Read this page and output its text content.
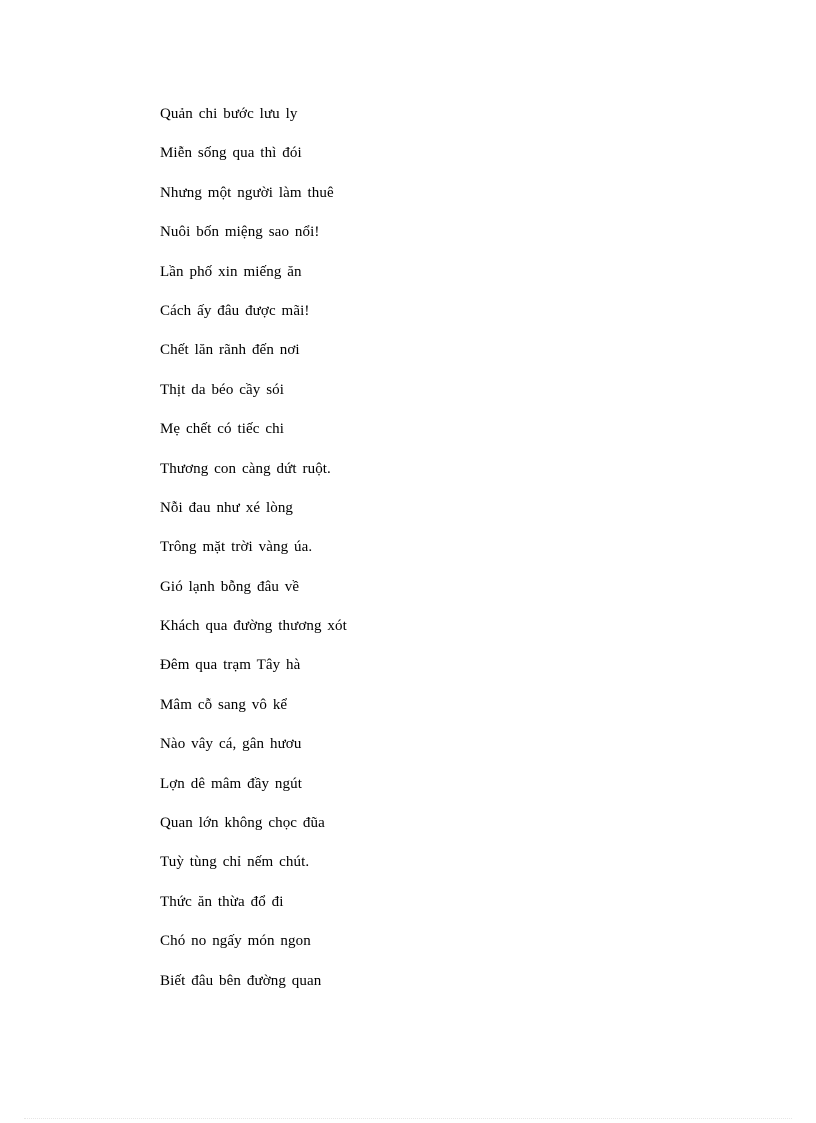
Quản chi bước lưu ly
Miễn sống qua thì đói
Nhưng một người làm thuê
Nuôi bốn miệng sao nổi!
Lần phố xin miếng ăn
Cách ấy đâu được mãi!
Chết lăn rãnh đến nơi
Thịt da béo cầy sói
Mẹ chết có tiếc chi
Thương con càng dứt ruột.
Nỗi đau như xé lòng
Trông mặt trời vàng úa.
Gió lạnh bỗng đâu về
Khách qua đường thương xót
Đêm qua trạm Tây hà
Mâm cỗ sang vô kể
Nào vây cá, gân hươu
Lợn dê mâm đầy ngút
Quan lớn không chọc đũa
Tuỳ tùng chỉ nếm chút.
Thức ăn thừa đổ đi
Chó no ngấy món ngon
Biết đâu bên đường quan
